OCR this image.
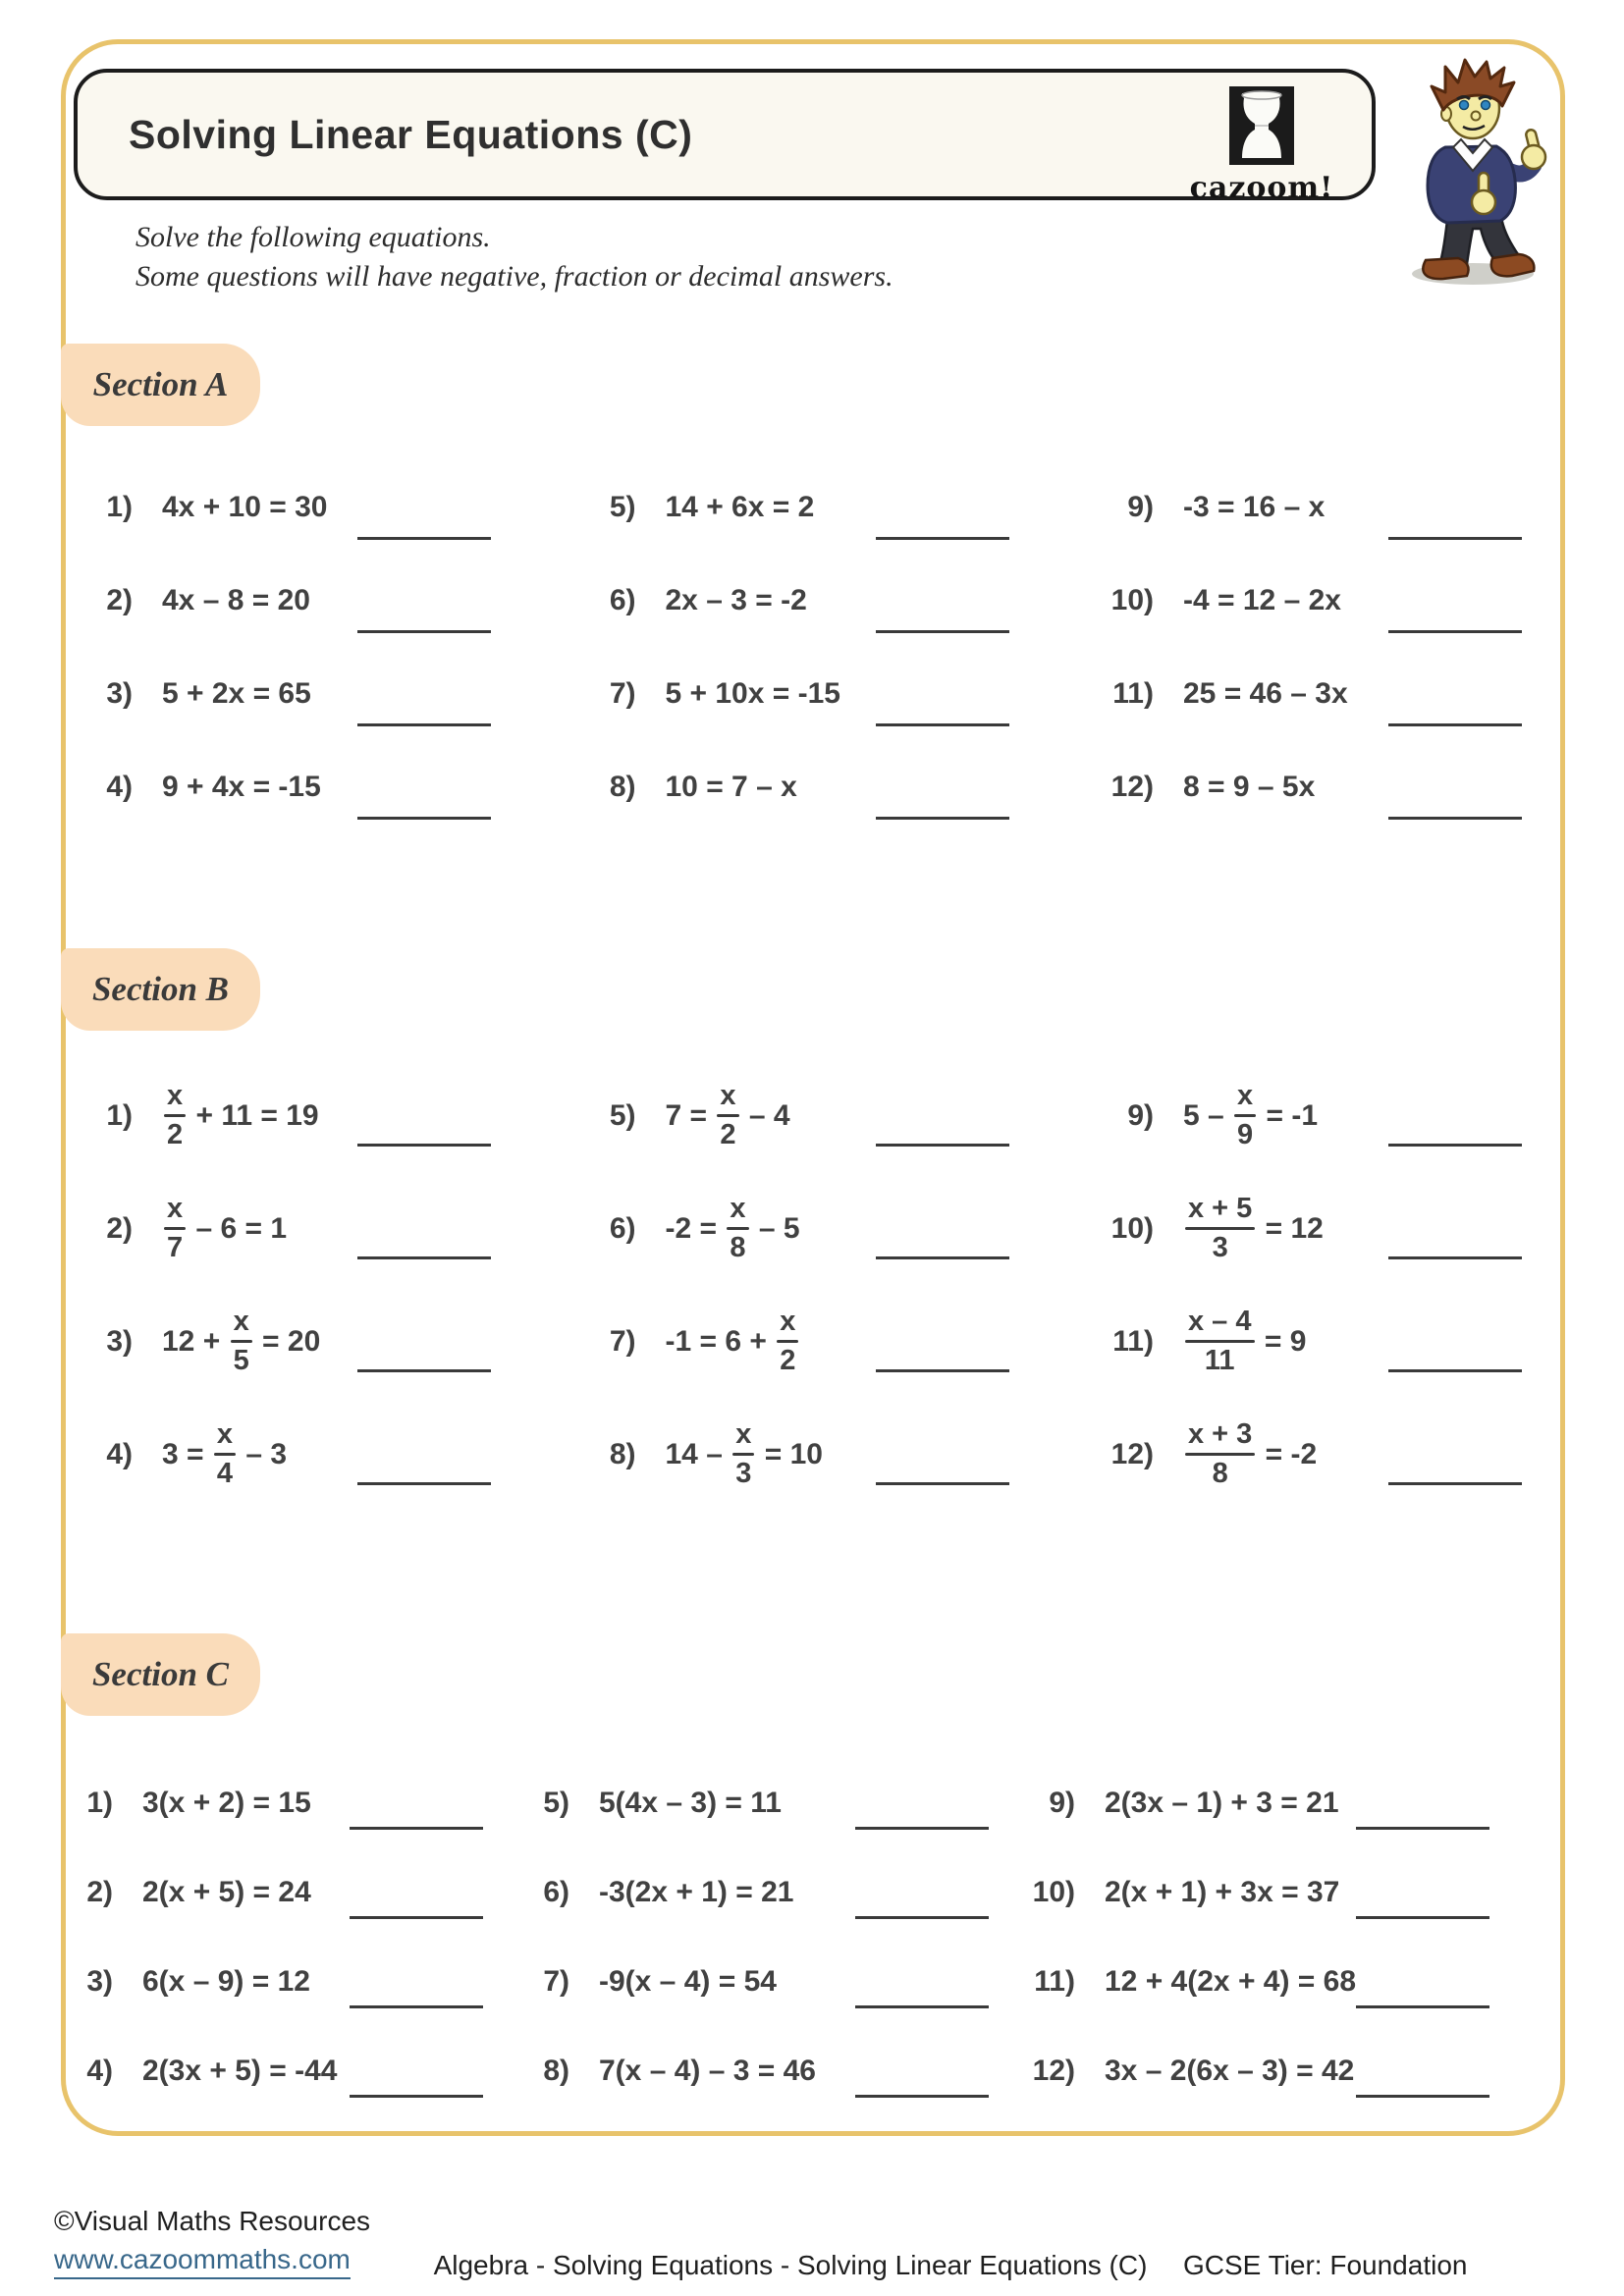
Solving Linear Equations (C)
cazoom!
Solve the following equations.
Some questions will have negative, fraction or decimal answers.
Section A
Section B
Section C
1) 4x + 10 = 30
2) 4x – 8 = 20
3) 5 + 2x = 65
4) 9 + 4x = -15
5) 14 + 6x = 2
6) 2x – 3 = -2
7) 5 + 10x = -15
8) 10 = 7 – x
9) -3 = 16 – x
10) -4 = 12 – 2x
11) 25 = 46 – 3x
12) 8 = 9 – 5x
$1) \frac{x}{2} + 11 = 19$
$2) \frac{x}{7} - 6 = 1$
3) $12 + \frac{x}{5} = 20$
4) $3 = \frac{x}{4} - 3$
5) $7 = \frac{x}{2} - 4$
6) $-2 = \frac{x}{8} - 5$
7) $-1 = 6 + \frac{x}{2}$
8) $14 - \frac{x}{3} = 10$
9) $5 - \frac{x}{9} = -1$
$10) \frac{x + 5}{3} = 12$
$11) \frac{x - 4}{11} = 9$
$12) \frac{x + 3}{8} = -2$
1) 3(x + 2) = 15
2) 2(x + 5) = 24
3) 6(x – 9) = 12
4) 2(3x + 5) = -44
5) 5(4x – 3) = 11
6) -3(2x + 1) = 21
7) -9(x – 4) = 54
8) 7(x – 4) – 3 = 46
9) 2(3x – 1) + 3 = 21
10) 2(x + 1) + 3x = 37
11) 12 + 4(2x + 4) = 68
12) 3x – 2(6x – 3) = 42
©Visual Maths Resources
www.cazoommaths.com	Algebra - Solving Equations - Solving Linear Equations (C) GCSE Tier: Foundation
